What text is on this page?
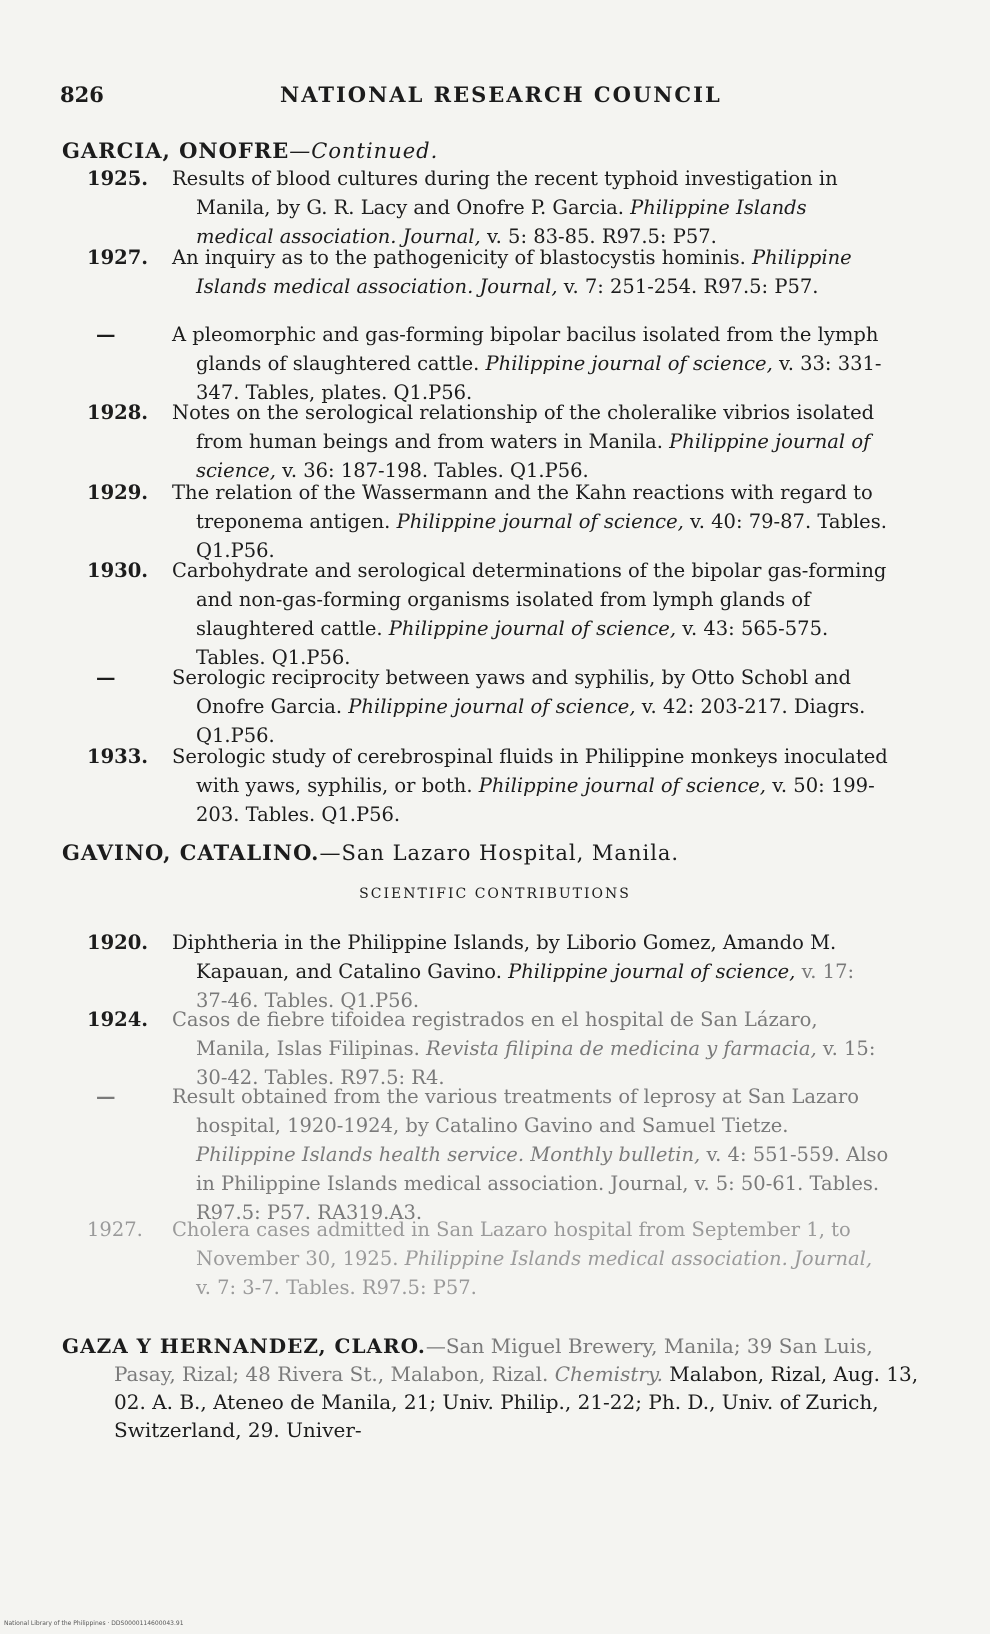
826	NATIONAL RESEARCH COUNCIL
GARCIA, ONOFRE—Continued.
1925.	Results of blood cultures during the recent typhoid investigation in Manila, by G. R. Lacy and Onofre P. Garcia. Philippine Islands medical association. Journal, v. 5: 83-85. R97.5: P57.
1927.	An inquiry as to the pathogenicity of blastocystis hominis. Philippine Islands medical association. Journal, v. 7: 251-254. R97.5: P57.
—	A pleomorphic and gas-forming bipolar bacilus isolated from the lymph glands of slaughtered cattle. Philippine journal of science, v. 33: 331-347. Tables, plates. Q1.P56.
1928.	Notes on the serological relationship of the choleralike vibrios isolated from human beings and from waters in Manila. Philippine journal of science, v. 36: 187-198. Tables. Q1.P56.
1929.	The relation of the Wassermann and the Kahn reactions with regard to treponema antigen. Philippine journal of science, v. 40: 79-87. Tables. Q1.P56.
1930.	Carbohydrate and serological determinations of the bipolar gas-forming and non-gas-forming organisms isolated from lymph glands of slaughtered cattle. Philippine journal of science, v. 43: 565-575. Tables. Q1.P56.
—	Serologic reciprocity between yaws and syphilis, by Otto Schobl and Onofre Garcia. Philippine journal of science, v. 42: 203-217. Diagrs. Q1.P56.
1933.	Serologic study of cerebrospinal fluids in Philippine monkeys inoculated with yaws, syphilis, or both. Philippine journal of science, v. 50: 199-203. Tables. Q1.P56.
GAVINO, CATALINO.—San Lazaro Hospital, Manila.
SCIENTIFIC CONTRIBUTIONS
1920.	Diphtheria in the Philippine Islands, by Liborio Gomez, Amando M. Kapauan, and Catalino Gavino. Philippine journal of science, v. 17: 37-46. Tables. Q1.P56.
1924.	Casos de fiebre tifoidea registrados en el hospital de San Lázaro, Manila, Islas Filipinas. Revista filipina de medicina y farmacia, v. 15: 30-42. Tables. R97.5: R4.
—	Result obtained from the various treatments of leprosy at San Lazaro hospital, 1920-1924, by Catalino Gavino and Samuel Tietze. Philippine Islands health service. Monthly bulletin, v. 4: 551-559. Also in Philippine Islands medical association. Journal, v. 5: 50-61. Tables. R97.5: P57. RA319.A3.
1927.	Cholera cases admitted in San Lazaro hospital from September 1, to November 30, 1925. Philippine Islands medical association. Journal, v. 7: 3-7. Tables. R97.5: P57.
GAZA Y HERNANDEZ, CLARO.—San Miguel Brewery, Manila; 39 San Luis, Pasay, Rizal; 48 Rivera St., Malabon, Rizal. Chemistry. Malabon, Rizal, Aug. 13, 02. A. B., Ateneo de Manila, 21; Univ. Philip., 21-22; Ph. D., Univ. of Zurich, Switzerland, 29. Univer-
National Library of the Philippines · DDS0000114600043.91
